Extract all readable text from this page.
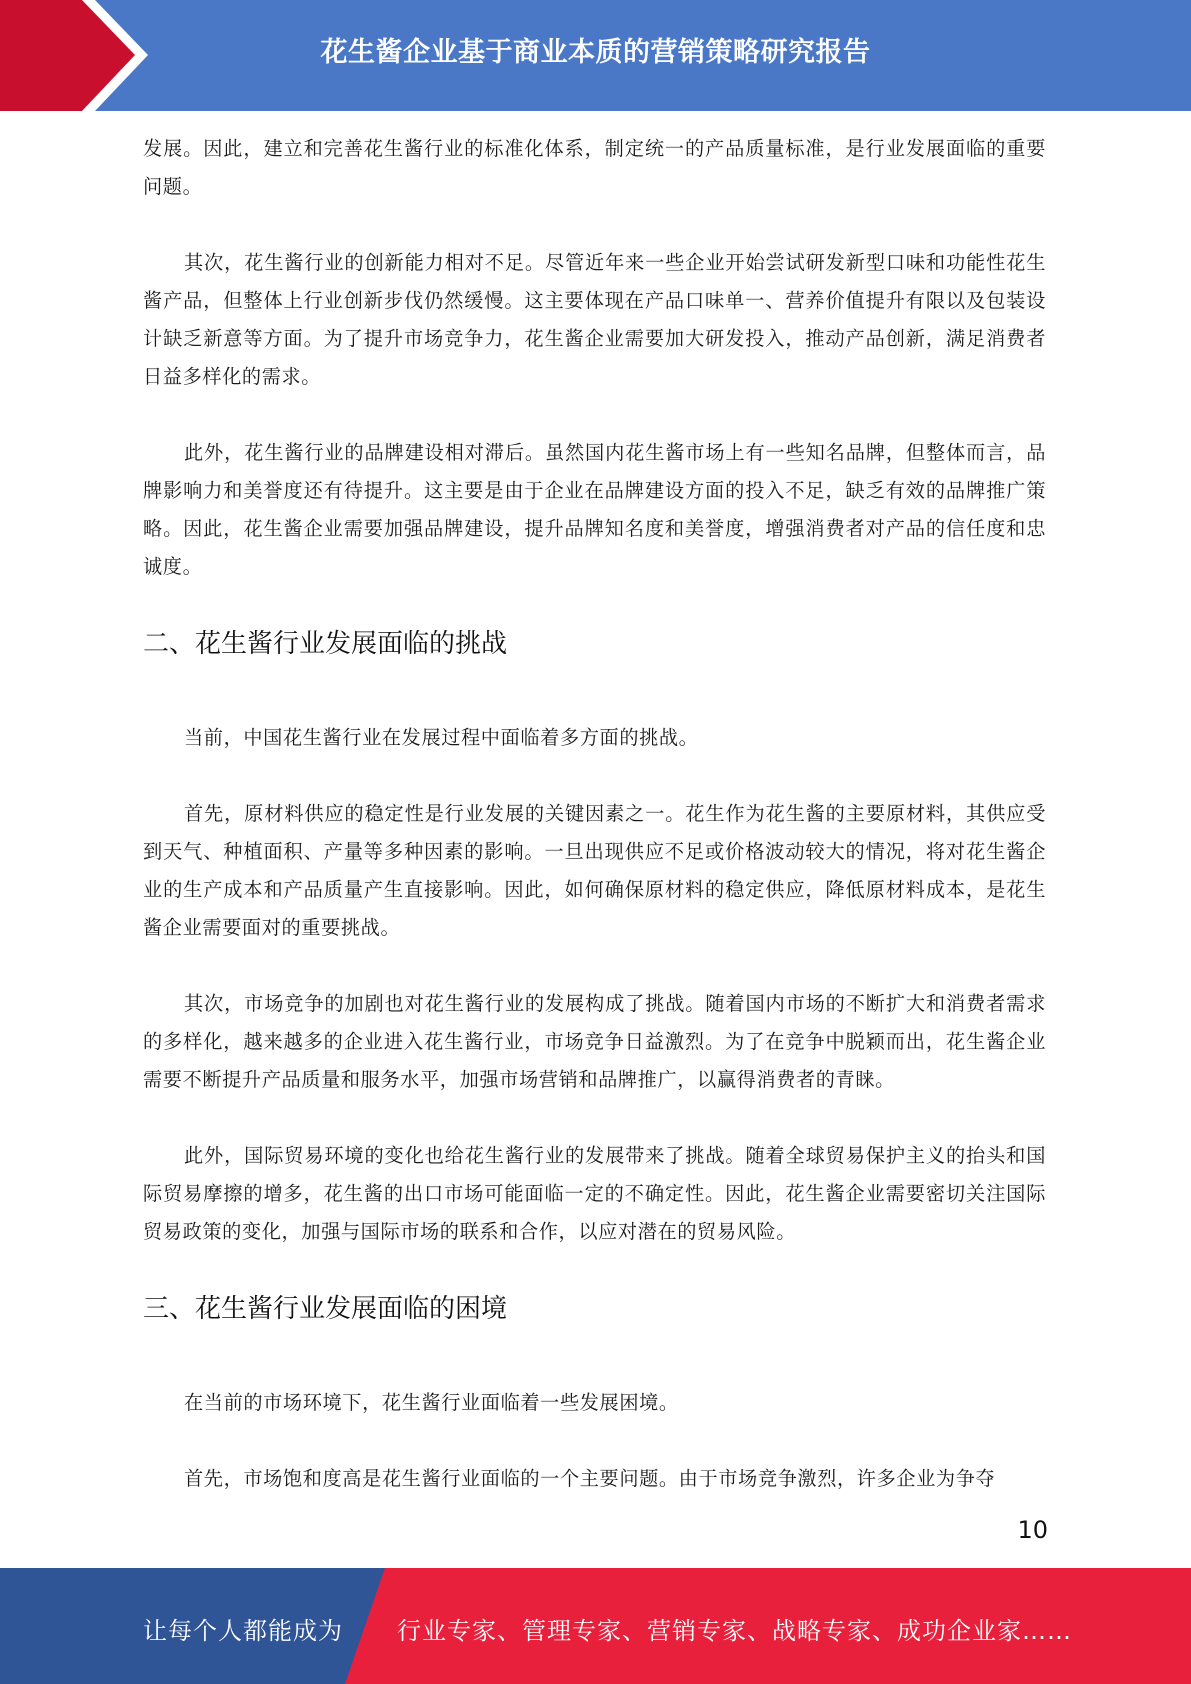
花生酱企业基于商业本质的营销策略研究报告

发展。因此，建立和完善花生酱行业的标准化体系，制定统一的产品质量标准，是行业发展面临的重要问题。

其次，花生酱行业的创新能力相对不足。尽管近年来一些企业开始尝试研发新型口味和功能性花生酱产品，但整体上行业创新步伐仍然缓慢。这主要体现在产品口味单一、营养价值提升有限以及包装设计缺乏新意等方面。为了提升市场竞争力，花生酱企业需要加大研发投入，推动产品创新，满足消费者日益多样化的需求。

此外，花生酱行业的品牌建设相对滞后。虽然国内花生酱市场上有一些知名品牌，但整体而言，品牌影响力和美誉度还有待提升。这主要是由于企业在品牌建设方面的投入不足，缺乏有效的品牌推广策略。因此，花生酱企业需要加强品牌建设，提升品牌知名度和美誉度，增强消费者对产品的信任度和忠诚度。

二、花生酱行业发展面临的挑战

当前，中国花生酱行业在发展过程中面临着多方面的挑战。

首先，原材料供应的稳定性是行业发展的关键因素之一。花生作为花生酱的主要原材料，其供应受到天气、种植面积、产量等多种因素的影响。一旦出现供应不足或价格波动较大的情况，将对花生酱企业的生产成本和产品质量产生直接影响。因此，如何确保原材料的稳定供应，降低原材料成本，是花生酱企业需要面对的重要挑战。

其次，市场竞争的加剧也对花生酱行业的发展构成了挑战。随着国内市场的不断扩大和消费者需求的多样化，越来越多的企业进入花生酱行业，市场竞争日益激烈。为了在竞争中脱颖而出，花生酱企业需要不断提升产品质量和服务水平，加强市场营销和品牌推广，以赢得消费者的青睐。

此外，国际贸易环境的变化也给花生酱行业的发展带来了挑战。随着全球贸易保护主义的抬头和国际贸易摩擦的增多，花生酱的出口市场可能面临一定的不确定性。因此，花生酱企业需要密切关注国际贸易政策的变化，加强与国际市场的联系和合作，以应对潜在的贸易风险。

三、花生酱行业发展面临的困境

在当前的市场环境下，花生酱行业面临着一些发展困境。

首先，市场饱和度高是花生酱行业面临的一个主要问题。由于市场竞争激烈，许多企业为争夺

10
让每个人都能成为 行业专家、管理专家、营销专家、战略专家、成功企业家……
